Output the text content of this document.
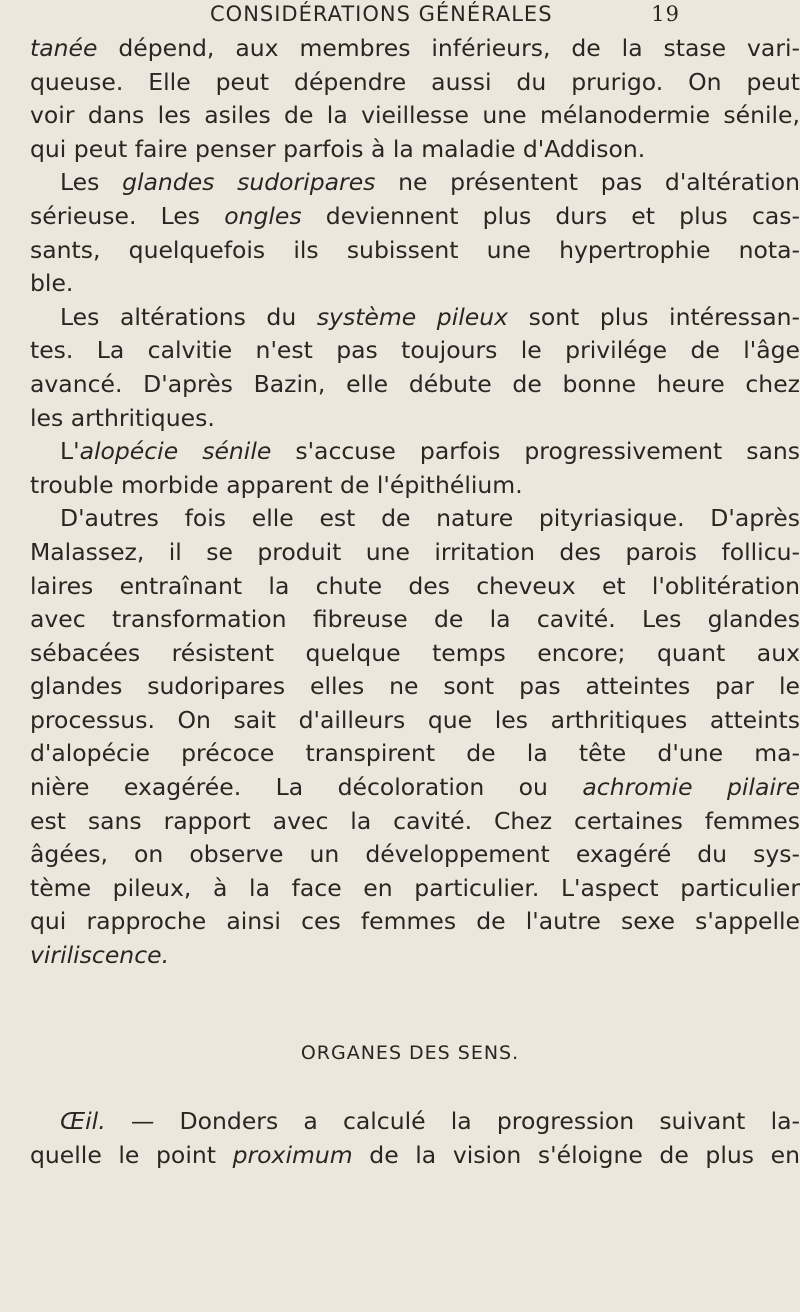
CONSIDÉRATIONS GÉNÉRALES	19
tanée dépend, aux membres inférieurs, de la stase vari-
queuse. Elle peut dépendre aussi du prurigo. On peut
voir dans les asiles de la vieillesse une mélanodermie sénile,
qui peut faire penser parfois à la maladie d'Addison.
Les glandes sudoripares ne présentent pas d'altération
sérieuse. Les ongles deviennent plus durs et plus cas-
sants, quelquefois ils subissent une hypertrophie nota-
ble.
Les altérations du système pileux sont plus intéressan-
tes. La calvitie n'est pas toujours le privilége de l'âge
avancé. D'après Bazin, elle débute de bonne heure chez
les arthritiques.
L'alopécie sénile s'accuse parfois progressivement sans
trouble morbide apparent de l'épithélium.
D'autres fois elle est de nature pityriasique. D'après
Malassez, il se produit une irritation des parois follicu-
laires entraînant la chute des cheveux et l'oblitération
avec transformation fibreuse de la cavité. Les glandes
sébacées résistent quelque temps encore; quant aux
glandes sudoripares elles ne sont pas atteintes par le
processus. On sait d'ailleurs que les arthritiques atteints
d'alopécie précoce transpirent de la tête d'une ma-
nière exagérée. La décoloration ou achromie pilaire
est sans rapport avec la cavité. Chez certaines femmes
âgées, on observe un développement exagéré du sys-
tème pileux, à la face en particulier. L'aspect particulier
qui rapproche ainsi ces femmes de l'autre sexe s'appelle
viriliscence.
ORGANES DES SENS.
Œil. — Donders a calculé la progression suivant la-
quelle le point proximum de la vision s'éloigne de plus en
